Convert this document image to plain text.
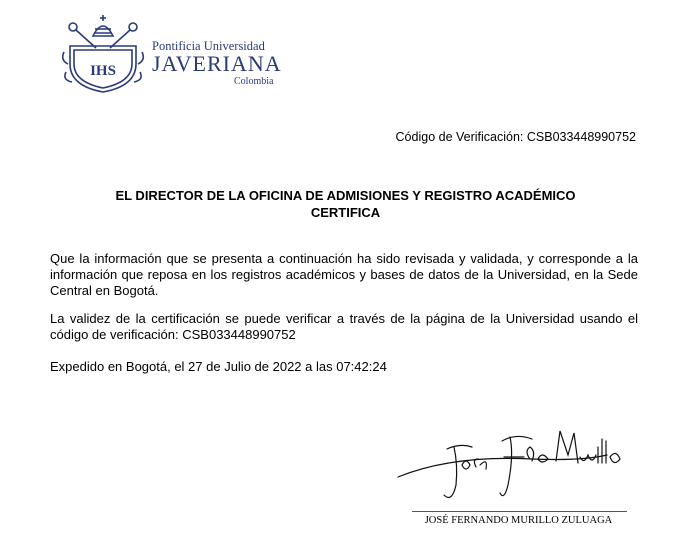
IHS
Pontificia Universidad
JAVERIANA
Colombia
Código de Verificación: CSB033448990752
EL DIRECTOR DE LA OFICINA DE ADMISIONES Y REGISTRO ACADÉMICO
CERTIFICA
Que la información que se presenta a continuación ha sido revisada y validada, y corresponde a la información que reposa en los registros académicos y bases de datos de la Universidad, en la Sede Central en Bogotá.
La validez de la certificación se puede verificar a través de la página de la Universidad usando el código de verificación: CSB033448990752
Expedido en Bogotá, el 27 de Julio de 2022 a las 07:42:24
JOSÉ FERNANDO MURILLO ZULUAGA
